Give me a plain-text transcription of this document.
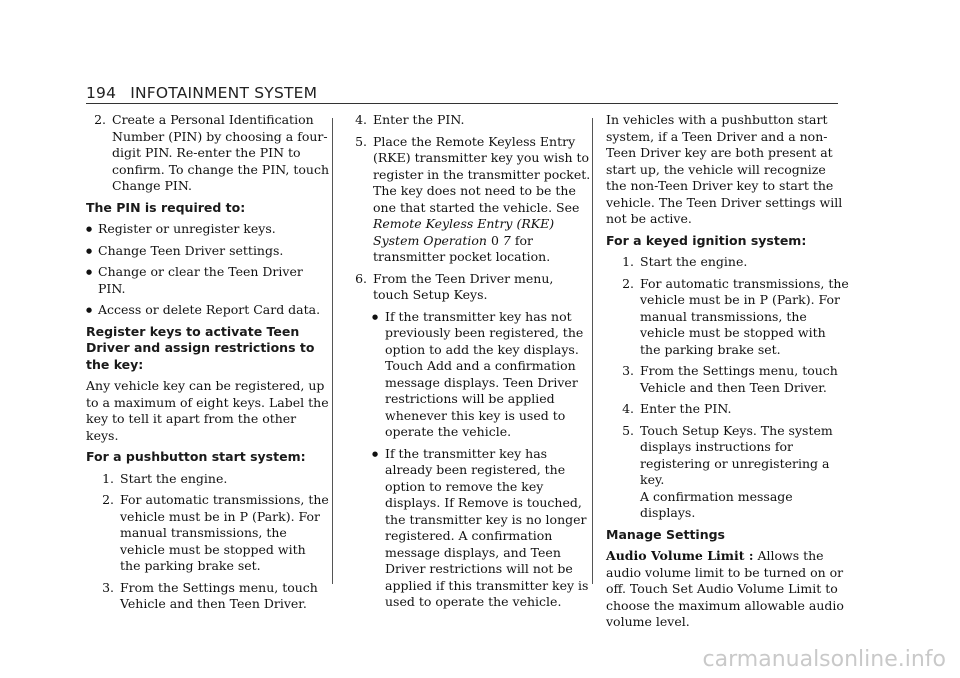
194 INFOTAINMENT SYSTEM
2 . Create a Personal Identification Number (PIN) by choosing a four-digit PIN. Re-enter the PIN to confirm. To change the PIN, touch Change PIN.
The PIN is required to:
● Register or unregister keys.
● Change Teen Driver settings.
● Change or clear the Teen Driver PIN.
● Access or delete Report Card data.
Register keys to activate Teen Driver and assign restrictions to the key:

Any vehicle key can be registered, up to a maximum of eight keys. Label the key to tell it apart from the other keys.

For a pushbutton start system:
1 . Start the engine.
2 . For automatic transmissions, the vehicle must be in P (Park). For manual transmissions, the vehicle must be stopped with the parking brake set.
3 . From the Settings menu, touch Vehicle and then Teen Driver.
4 . Enter the PIN.
5 . Place the Remote Keyless Entry (RKE) transmitter key you wish to register in the transmitter pocket. The key does not need to be the one that started the vehicle. See Remote Keyless Entry (RKE) System Operation 0 7 for transmitter pocket location.
6 . From the Teen Driver menu, touch Setup Keys.
● If the transmitter key has not previously been registered, the option to add the key displays. Touch Add and a confirmation message displays. Teen Driver restrictions will be applied whenever this key is used to operate the vehicle.
● If the transmitter key has already been registered, the option to remove the key displays. If Remove is touched, the transmitter key is no longer registered. A confirmation message displays, and Teen Driver restrictions will not be applied if this transmitter key is used to operate the vehicle.

In vehicles with a pushbutton start system, if a Teen Driver and a non-Teen Driver key are both present at start up, the vehicle will recognize the non-Teen Driver key to start the vehicle. The Teen Driver settings will not be active.

For a keyed ignition system:
1 . Start the engine.
2 . For automatic transmissions, the vehicle must be in P (Park). For manual transmissions, the vehicle must be stopped with the parking brake set.
3 . From the Settings menu, touch Vehicle and then Teen Driver.
4 . Enter the PIN.
5 . Touch Setup Keys. The system displays instructions for registering or unregistering a key.
A confirmation message displays.
Manage Settings

Audio Volume Limit : Allows the audio volume limit to be turned on or off. Touch Set Audio Volume Limit to choose the maximum allowable audio volume level.

carmanualsonline.info
